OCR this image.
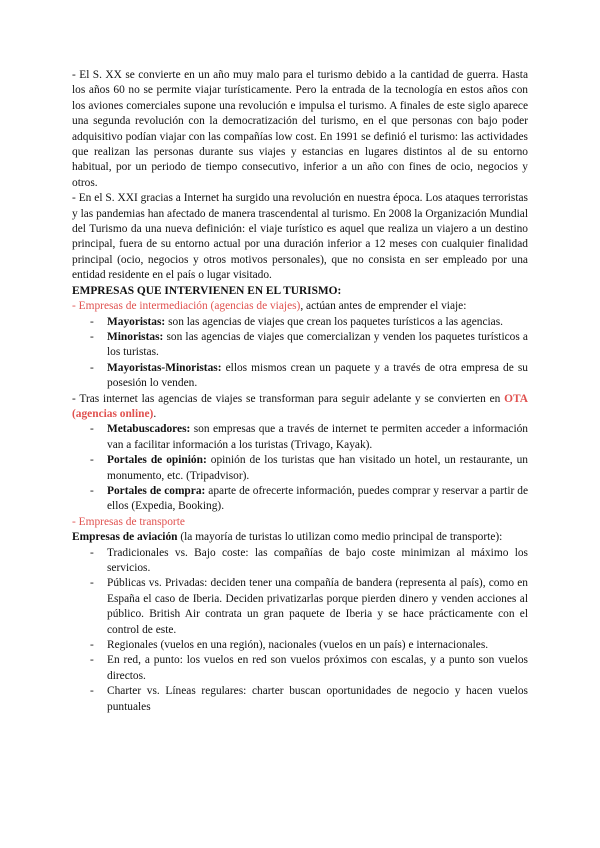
- El S. XX se convierte en un año muy malo para el turismo debido a la cantidad de guerra. Hasta los años 60 no se permite viajar turísticamente. Pero la entrada de la tecnología en estos años con los aviones comerciales supone una revolución e impulsa el turismo. A finales de este siglo aparece una segunda revolución con la democratización del turismo, en el que personas con bajo poder adquisitivo podían viajar con las compañías low cost. En 1991 se definió el turismo: las actividades que realizan las personas durante sus viajes y estancias en lugares distintos al de su entorno habitual, por un periodo de tiempo consecutivo, inferior a un año con fines de ocio, negocios y otros.

- En el S. XXI gracias a Internet ha surgido una revolución en nuestra época. Los ataques terroristas y las pandemias han afectado de manera trascendental al turismo. En 2008 la Organización Mundial del Turismo da una nueva definición: el viaje turístico es aquel que realiza un viajero a un destino principal, fuera de su entorno actual por una duración inferior a 12 meses con cualquier finalidad principal (ocio, negocios y otros motivos personales), que no consista en ser empleado por una entidad residente en el país o lugar visitado.

EMPRESAS QUE INTERVIENEN EN EL TURISMO:

- Empresas de intermediación (agencias de viajes), actúan antes de emprender el viaje:

- Mayoristas: son las agencias de viajes que crean los paquetes turísticos a las agencias.
- Minoristas: son las agencias de viajes que comercializan y venden los paquetes turísticos a los turistas.
- Mayoristas-Minoristas: ellos mismos crean un paquete y a través de otra empresa de su posesión lo venden.

- Tras internet las agencias de viajes se transforman para seguir adelante y se convierten en OTA (agencias online).

- Metabuscadores: son empresas que a través de internet te permiten acceder a información van a facilitar información a los turistas (Trivago, Kayak).
- Portales de opinión: opinión de los turistas que han visitado un hotel, un restaurante, un monumento, etc. (Tripadvisor).
- Portales de compra: aparte de ofrecerte información, puedes comprar y reservar a partir de ellos (Expedia, Booking).

- Empresas de transporte

Empresas de aviación (la mayoría de turistas lo utilizan como medio principal de transporte):

- Tradicionales vs. Bajo coste: las compañías de bajo coste minimizan al máximo los servicios.
- Públicas vs. Privadas: deciden tener una compañía de bandera (representa al país), como en España el caso de Iberia. Deciden privatizarlas porque pierden dinero y venden acciones al público. British Air contrata un gran paquete de Iberia y se hace prácticamente con el control de este.
- Regionales (vuelos en una región), nacionales (vuelos en un país) e internacionales.
- En red, a punto: los vuelos en red son vuelos próximos con escalas, y a punto son vuelos directos.
- Charter vs. Líneas regulares: charter buscan oportunidades de negocio y hacen vuelos puntuales
